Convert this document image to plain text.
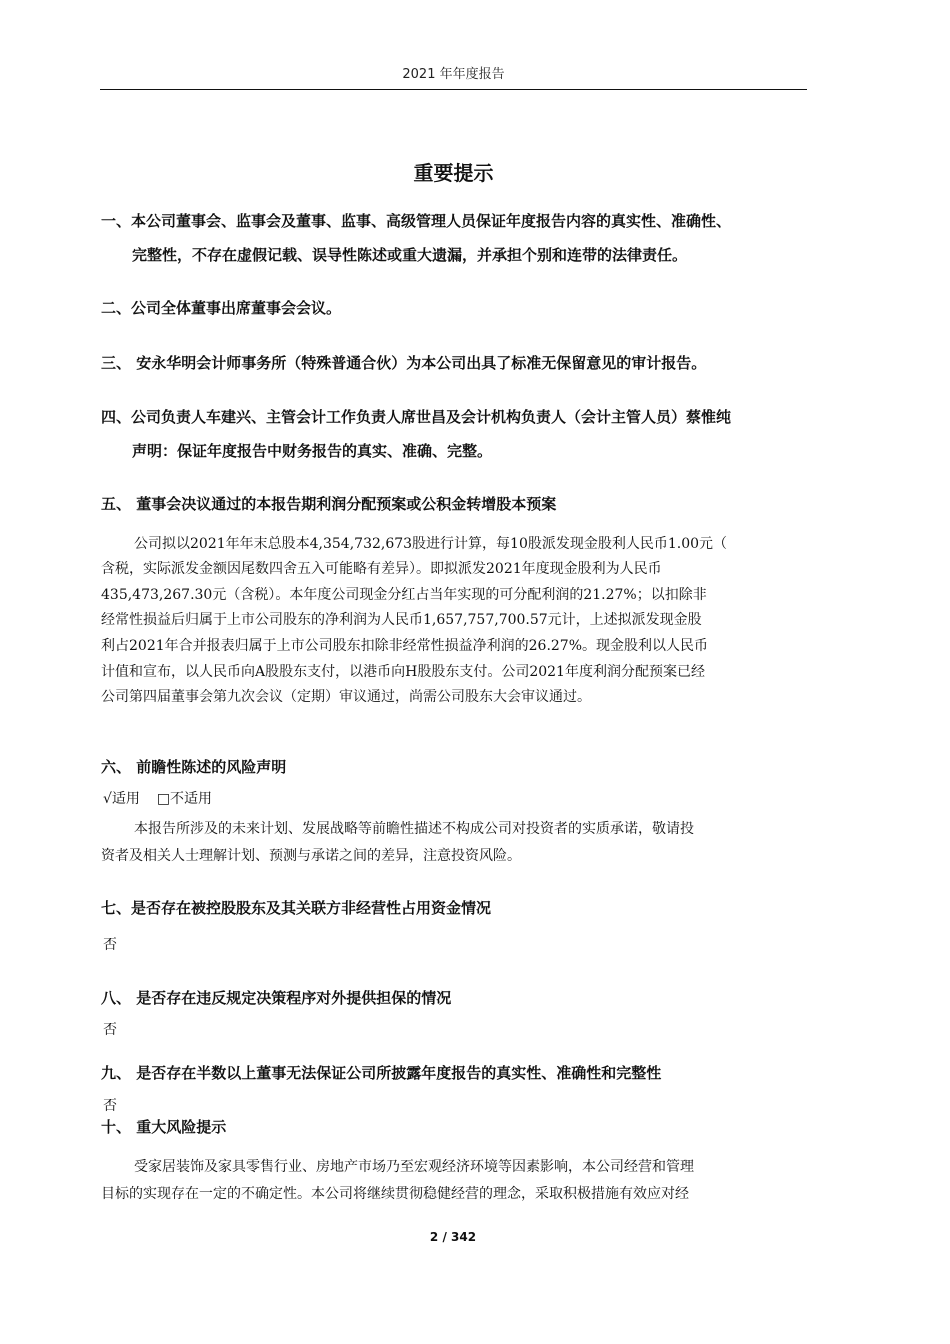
2021 年年度报告
重要提示
一、本公司董事会、监事会及董事、监事、高级管理人员保证年度报告内容的真实性、准确性、
完整性，不存在虚假记载、误导性陈述或重大遗漏，并承担个别和连带的法律责任。
二、公司全体董事出席董事会会议。
三、 安永华明会计师事务所（特殊普通合伙）为本公司出具了标准无保留意见的审计报告。
四、公司负责人车建兴、主管会计工作负责人席世昌及会计机构负责人（会计主管人员）蔡惟纯
声明：保证年度报告中财务报告的真实、准确、完整。
五、 董事会决议通过的本报告期利润分配预案或公积金转增股本预案
公司拟以2021年年末总股本4,354,732,673股进行计算，每10股派发现金股利人民币1.00元（
含税，实际派发金额因尾数四舍五入可能略有差异）。即拟派发2021年度现金股利为人民币
435,473,267.30元（含税）。本年度公司现金分红占当年实现的可分配利润的21.27%；以扣除非
经常性损益后归属于上市公司股东的净利润为人民币1,657,757,700.57元计，上述拟派发现金股
利占2021年合并报表归属于上市公司股东扣除非经常性损益净利润的26.27%。现金股利以人民币
计值和宣布，以人民币向A股股东支付，以港币向H股股东支付。公司2021年度利润分配预案已经
公司第四届董事会第九次会议（定期）审议通过，尚需公司股东大会审议通过。
六、 前瞻性陈述的风险声明
√适用 □不适用
本报告所涉及的未来计划、发展战略等前瞻性描述不构成公司对投资者的实质承诺，敬请投
资者及相关人士理解计划、预测与承诺之间的差异，注意投资风险。
七、是否存在被控股股东及其关联方非经营性占用资金情况
否
八、 是否存在违反规定决策程序对外提供担保的情况
否
九、 是否存在半数以上董事无法保证公司所披露年度报告的真实性、准确性和完整性
否
十、 重大风险提示
受家居装饰及家具零售行业、房地产市场乃至宏观经济环境等因素影响，本公司经营和管理
目标的实现存在一定的不确定性。本公司将继续贯彻稳健经营的理念，采取积极措施有效应对经
2 / 342
